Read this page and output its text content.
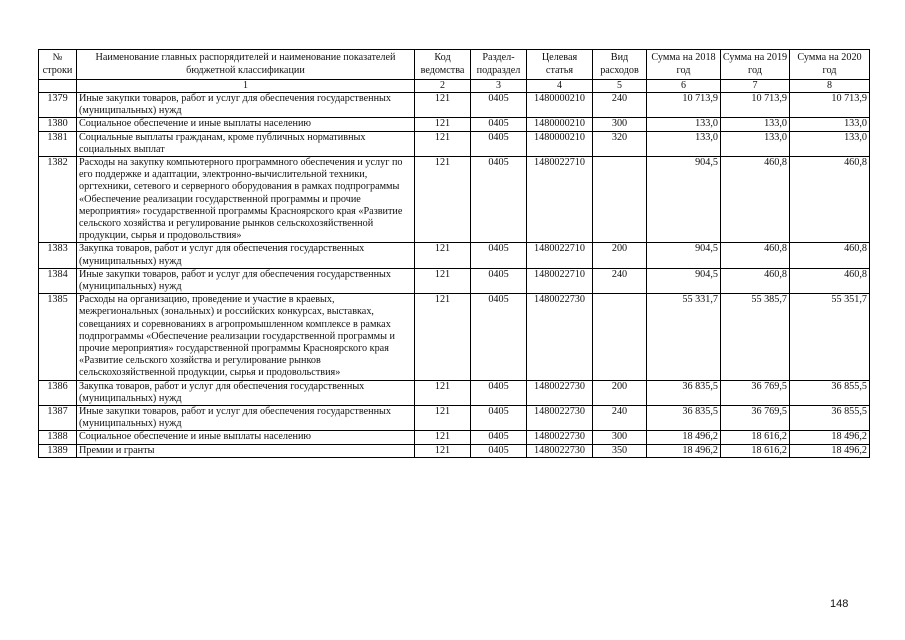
№ строки	Наименование главных распорядителей и наименование показателей бюджетной классификации	Код ведомства	Раздел-подраздел	Целевая статья	Вид расходов	Сумма на 2018 год	Сумма на 2019 год	Сумма на 2020 год
	1	2	3	4	5	6	7	8
1379	Иные закупки товаров, работ и услуг для обеспечения государственных (муниципальных) нужд	121	0405	1480000210	240	10 713,9	10 713,9	10 713,9
1380	Социальное обеспечение и иные выплаты населению	121	0405	1480000210	300	133,0	133,0	133,0
1381	Социальные выплаты гражданам, кроме публичных нормативных социальных выплат	121	0405	1480000210	320	133,0	133,0	133,0
1382	Расходы на закупку компьютерного программного обеспечения и услуг по его поддержке и адаптации, электронно-вычислительной техники, оргтехники, сетевого и серверного оборудования в рамках подпрограммы «Обеспечение реализации государственной программы и прочие мероприятия» государственной программы Красноярского края «Развитие сельского хозяйства и регулирование рынков сельскохозяйственной продукции, сырья и продовольствия»	121	0405	1480022710		904,5	460,8	460,8
1383	Закупка товаров, работ и услуг для обеспечения государственных (муниципальных) нужд	121	0405	1480022710	200	904,5	460,8	460,8
1384	Иные закупки товаров, работ и услуг для обеспечения государственных (муниципальных) нужд	121	0405	1480022710	240	904,5	460,8	460,8
1385	Расходы на организацию, проведение и участие в краевых, межрегиональных (зональных) и российских конкурсах, выставках, совещаниях и соревнованиях в агропромышленном комплексе в рамках подпрограммы «Обеспечение реализации государственной программы и прочие мероприятия» государственной программы Красноярского края «Развитие сельского хозяйства и регулирование рынков сельскохозяйственной продукции, сырья и продовольствия»	121	0405	1480022730		55 331,7	55 385,7	55 351,7
1386	Закупка товаров, работ и услуг для обеспечения государственных (муниципальных) нужд	121	0405	1480022730	200	36 835,5	36 769,5	36 855,5
1387	Иные закупки товаров, работ и услуг для обеспечения государственных (муниципальных) нужд	121	0405	1480022730	240	36 835,5	36 769,5	36 855,5
1388	Социальное обеспечение и иные выплаты населению	121	0405	1480022730	300	18 496,2	18 616,2	18 496,2
1389	Премии и гранты	121	0405	1480022730	350	18 496,2	18 616,2	18 496,2
148
